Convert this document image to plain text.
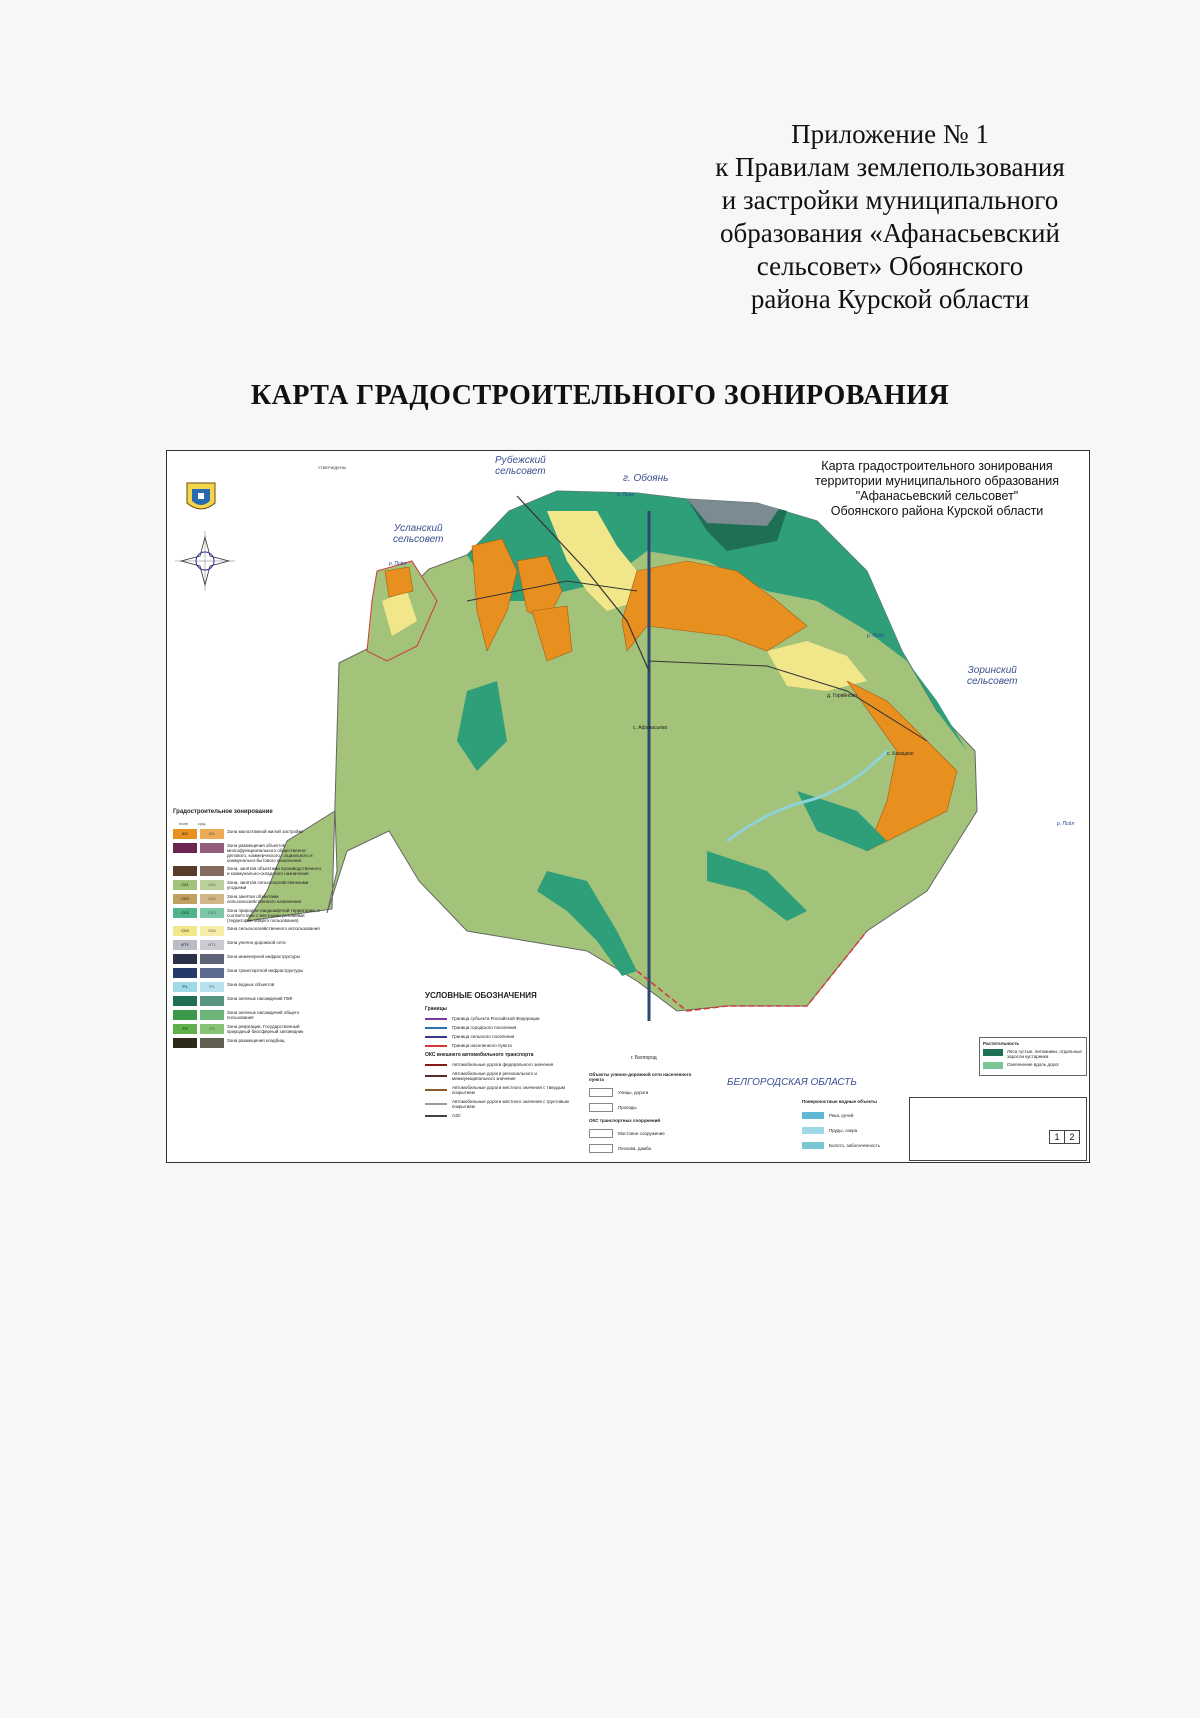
Приложение № 1
к Правилам землепользования
и застройки муниципального
образования «Афанасьевский
сельсовет» Обоянского
района Курской области
КАРТА ГРАДОСТРОИТЕЛЬНОГО ЗОНИРОВАНИЯ
УТВЕРЖДЕНЫ	Карта градостроительного зонирования
территории муниципального образования
"Афанасьевский сельсовет"
Обоянского района Курской области
Рубежский
сельсовет
Усланский
сельсовет
Зоринский
сельсовет
г. Обоянь
БЕЛГОРОДСКАЯ ОБЛАСТЬ
с. Афанасьево
д. Горяйново
с. Казацкое
г. Белгород
р. Псёл
р. Псёл
р. Псёл
р. Псёл
Градостроительное зонирование
план	сущ
Ж1	Ж1	Зона малоэтажной жилой застройки
Зона размещения объектов многофункционального общественно-делового, коммерческого, социального и коммунально-бытового назначения
Зона, занятая объектами производственного и коммунально-складского назначения
СХ1	СХ1	Зона, занятая сельскохозяйственными угодьями
СХ2	СХ2	Зона занятая объектами сельскохозяйственного назначения
СХ3	СХ3	Зона природно-ландшафтной территории, в соответствии с местными условиями (территории общего пользования)
СХ4	СХ4	Зона сельскохозяйственного использования
ИТУ	ИТ1	Зона улично-дорожной сети
Зона инженерной инфраструктуры
Зона транспортной инфраструктуры
Р1	Р1	Зона водных объектов
Зона зеленых насаждений ГБФ
Зона зеленых насаждений общего пользования
Р3	Р3	Зона рекреации. Государственный природный биосферный заповедник
Зона размещения кладбищ
УСЛОВНЫЕ ОБОЗНАЧЕНИЯ
Границы
Граница субъекта Российской Федерации
Граница городского поселения
Граница сельского поселения
Граница населенного пункта
ОКС внешнего автомобильного транспорта
Автомобильные дороги федерального значения
Автомобильные дороги регионального и межмуниципального значения
Автомобильные дороги местного значения с твердым покрытием
Автомобильные дороги местного значения с грунтовым покрытием
АЗС
Объекты улично-дорожной сети населенного пункта
Улицы, дороги
Проезды
ОКС транспортных сооружений
Мостовое сооружение
Пескова, дамба
Поверхностные водные объекты
Река, ручей
Пруды, озера
Болото, заболоченность
Растительность
Леса густые, питомники, отдельные заросли кустарника
Озеленение вдоль дорог
1	2
